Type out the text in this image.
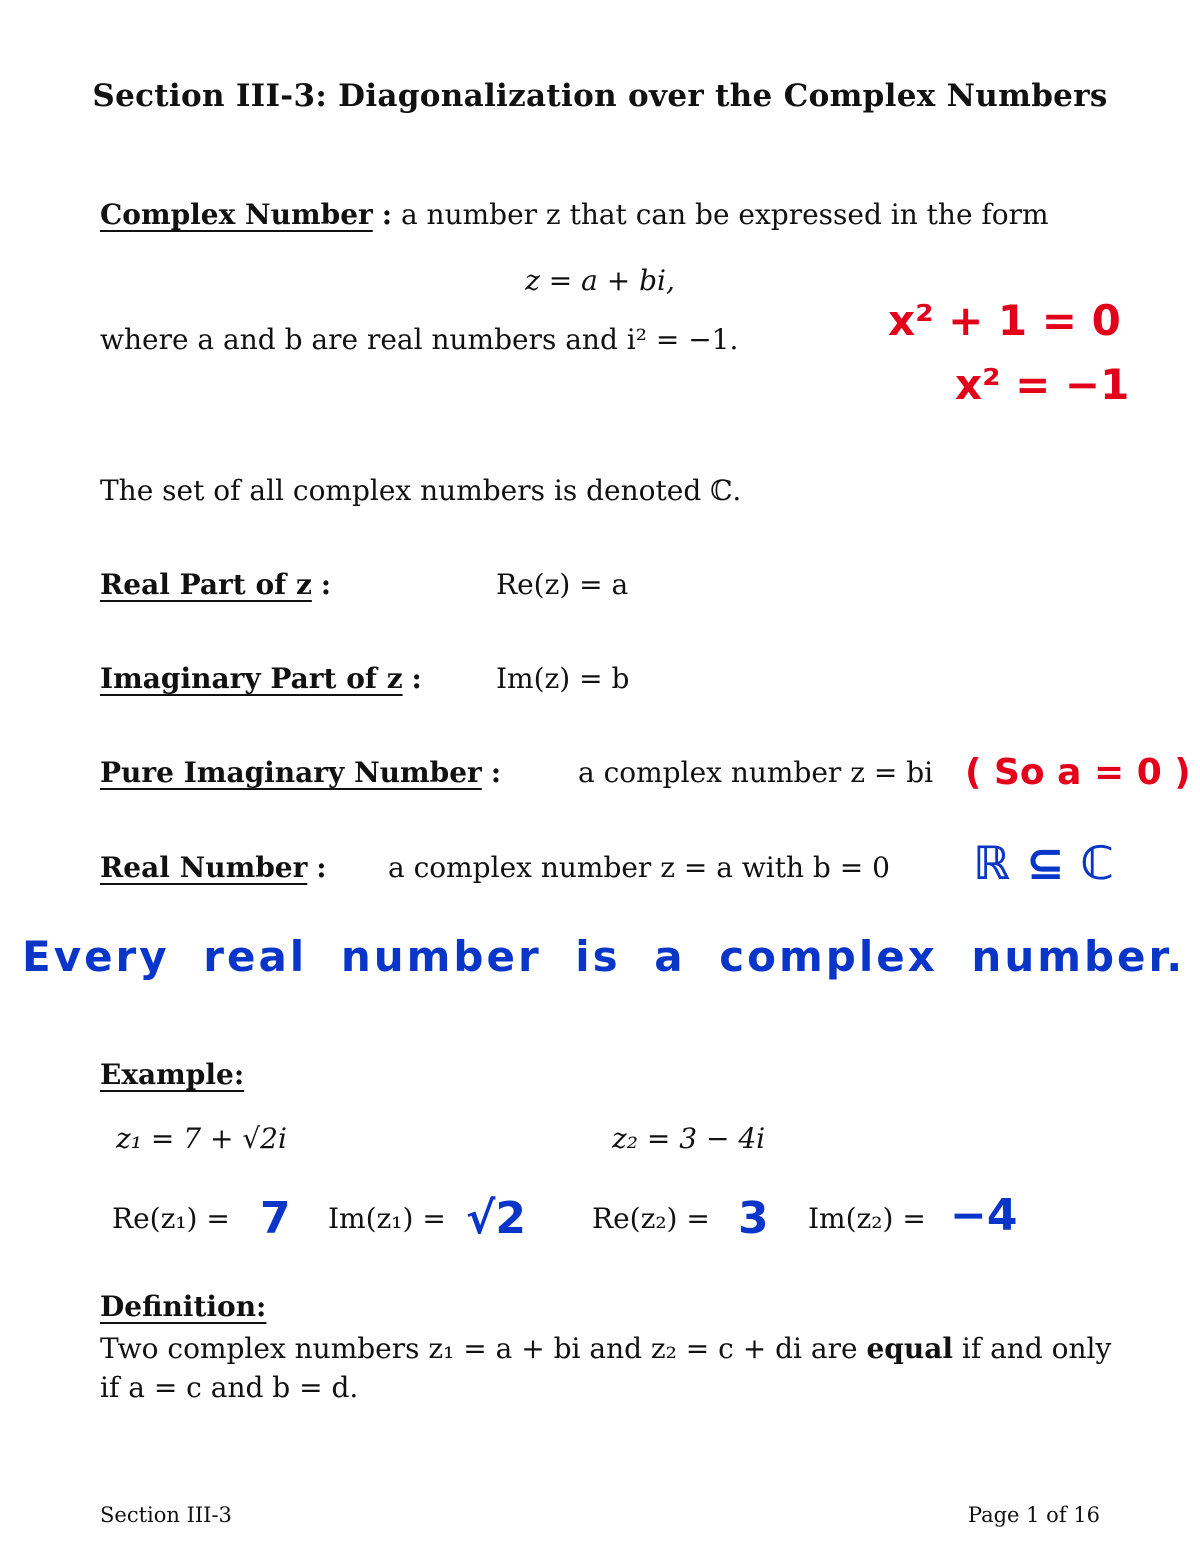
Section III-3: Diagonalization over the Complex Numbers
Complex Number : a number z that can be expressed in the form
z = a + bi,
where a and b are real numbers and i² = −1.	x² + 1 = 0
x² = −1
The set of all complex numbers is denoted ℂ.
Real Part of z :	Re(z) = a
Imaginary Part of z :	Im(z) = b
Pure Imaginary Number :	a complex number z = bi ( So a = 0 )
Real Number : a complex number z = a with b = 0 ℝ ⊆ ℂ
Every real number is a complex number.
Example:
z₁ = 7 + √2i	z₂ = 3 − 4i
Re(z₁) = 7 Im(z₁) = √2 Re(z₂) = 3 Im(z₂) = −4
Definition:
Two complex numbers z₁ = a + bi and z₂ = c + di are equal if and only
if a = c and b = d.
Section III-3	Page 1 of 16
